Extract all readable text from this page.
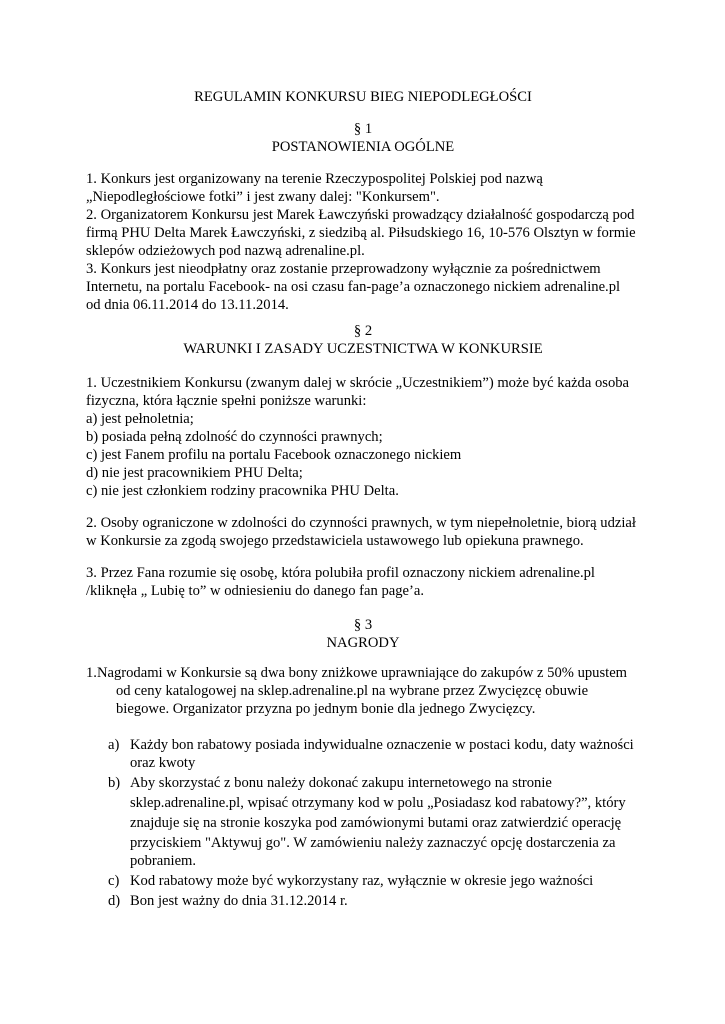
REGULAMIN KONKURSU BIEG NIEPODLEGŁOŚCI
§ 1
POSTANOWIENIA OGÓLNE
1. Konkurs jest organizowany na terenie Rzeczypospolitej Polskiej pod nazwą
„Niepodległościowe fotki” i jest zwany dalej: "Konkursem".
2. Organizatorem Konkursu jest Marek Ławczyński prowadzący działalność gospodarczą pod
firmą PHU Delta Marek Ławczyński, z siedzibą al. Piłsudskiego 16, 10-576 Olsztyn w formie
sklepów odzieżowych pod nazwą adrenaline.pl.
3. Konkurs jest nieodpłatny oraz zostanie przeprowadzony wyłącznie za pośrednictwem
Internetu, na portalu Facebook- na osi czasu fan-page’a oznaczonego nickiem adrenaline.pl
od dnia 06.11.2014 do 13.11.2014.
§ 2
WARUNKI I ZASADY UCZESTNICTWA W KONKURSIE
1. Uczestnikiem Konkursu (zwanym dalej w skrócie „Uczestnikiem”) może być każda osoba
fizyczna, która łącznie spełni poniższe warunki:
a) jest pełnoletnia;
b) posiada pełną zdolność do czynności prawnych;
c) jest Fanem profilu na portalu Facebook oznaczonego nickiem
d) nie jest pracownikiem PHU Delta;
c) nie jest członkiem rodziny pracownika PHU Delta.
2. Osoby ograniczone w zdolności do czynności prawnych, w tym niepełnoletnie, biorą udział
w Konkursie za zgodą swojego przedstawiciela ustawowego lub opiekuna prawnego.
3. Przez Fana rozumie się osobę, która polubiła profil oznaczony nickiem adrenaline.pl
/kliknęła „ Lubię to” w odniesieniu do danego fan page’a.
§ 3
NAGRODY
1.Nagrodami w Konkursie są dwa bony zniżkowe uprawniające do zakupów z 50% upustem
od ceny katalogowej na sklep.adrenaline.pl na wybrane przez Zwycięzcę obuwie
biegowe. Organizator przyzna po jednym bonie dla jednego Zwycięzcy.
a) Każdy bon rabatowy posiada indywidualne oznaczenie w postaci kodu, daty ważności
oraz kwoty
b) Aby skorzystać z bonu należy dokonać zakupu internetowego na stronie
sklep.adrenaline.pl, wpisać otrzymany kod w polu „Posiadasz kod rabatowy?”, który
znajduje się na stronie koszyka pod zamówionymi butami oraz zatwierdzić operację
przyciskiem "Aktywuj go". W zamówieniu należy zaznaczyć opcję dostarczenia za
pobraniem.
c) Kod rabatowy może być wykorzystany raz, wyłącznie w okresie jego ważności
d) Bon jest ważny do dnia 31.12.2014 r.
